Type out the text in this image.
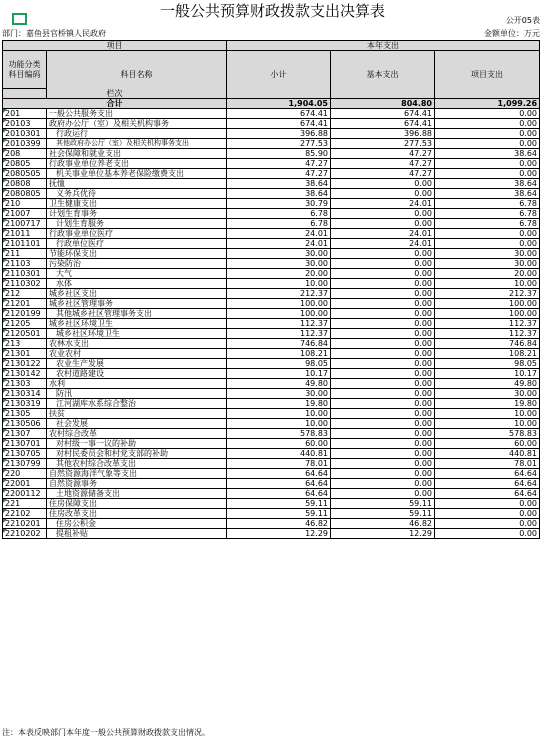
一般公共预算财政拨款支出决算表
公开05表
部门：嘉鱼县官桥镇人民政府	金额单位：万元
项目		本年支出			
功能分类科目编码	科目名称	小计	基本支出	项目支出	
栏次			
合计		1,904.05	804.80	1,099.26	
201	一般公共服务支出	674.41	674.41	0.00	
20103	政府办公厅（室）及相关机构事务	674.41	674.41	0.00	
2010301	行政运行	396.88	396.88	0.00	
2010399	其他政府办公厅（室）及相关机构事务支出	277.53	277.53	0.00	
208	社会保障和就业支出	85.90	47.27	38.64	
20805	行政事业单位养老支出	47.27	47.27	0.00	
2080505	机关事业单位基本养老保险缴费支出	47.27	47.27	0.00	
20808	抚恤	38.64	0.00	38.64	
2080805	义务兵优待	38.64	0.00	38.64	
210	卫生健康支出	30.79	24.01	6.78	
21007	计划生育事务	6.78	0.00	6.78	
2100717	计划生育服务	6.78	0.00	6.78	
21011	行政事业单位医疗	24.01	24.01	0.00	
2101101	行政单位医疗	24.01	24.01	0.00	
211	节能环保支出	30.00	0.00	30.00	
21103	污染防治	30.00	0.00	30.00	
2110301	大气	20.00	0.00	20.00	
2110302	水体	10.00	0.00	10.00	
212	城乡社区支出	212.37	0.00	212.37	
21201	城乡社区管理事务	100.00	0.00	100.00	
2120199	其他城乡社区管理事务支出	100.00	0.00	100.00	
21205	城乡社区环境卫生	112.37	0.00	112.37	
2120501	城乡社区环境卫生	112.37	0.00	112.37	
213	农林水支出	746.84	0.00	746.84	
21301	农业农村	108.21	0.00	108.21	
2130122	农业生产发展	98.05	0.00	98.05	
2130142	农村道路建设	10.17	0.00	10.17	
21303	水利	49.80	0.00	49.80	
2130314	防汛	30.00	0.00	30.00	
2130319	江河湖库水系综合整治	19.80	0.00	19.80	
21305	扶贫	10.00	0.00	10.00	
2130506	社会发展	10.00	0.00	10.00	
21307	农村综合改革	578.83	0.00	578.83	
2130701	对村级一事一议的补助	60.00	0.00	60.00	
2130705	对村民委员会和村党支部的补助	440.81	0.00	440.81	
2130799	其他农村综合改革支出	78.01	0.00	78.01	
220	自然资源海洋气象等支出	64.64	0.00	64.64	
22001	自然资源事务	64.64	0.00	64.64	
2200112	土地资源储备支出	64.64	0.00	64.64	
221	住房保障支出	59.11	59.11	0.00	
22102	住房改革支出	59.11	59.11	0.00	
2210201	住房公积金	46.82	46.82	0.00	
2210202	提租补贴	12.29	12.29	0.00	
注：本表反映部门本年度一般公共预算财政拨款支出情况。
